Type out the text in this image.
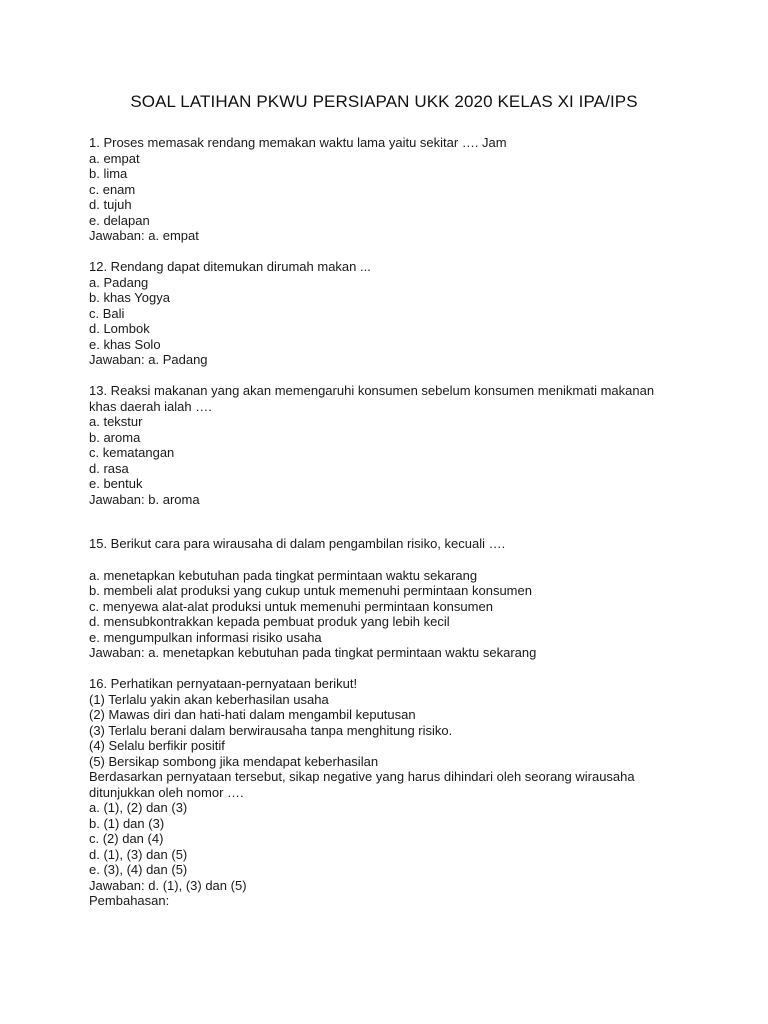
SOAL LATIHAN PKWU PERSIAPAN UKK 2020 KELAS XI IPA/IPS
1. Proses memasak rendang memakan waktu lama yaitu sekitar …. Jam
a. empat
b. lima
c. enam
d. tujuh
e. delapan
Jawaban: a. empat
12. Rendang dapat ditemukan dirumah makan ...
a. Padang
b. khas Yogya
c. Bali
d. Lombok
e. khas Solo
Jawaban: a. Padang
13. Reaksi makanan yang akan memengaruhi konsumen sebelum konsumen menikmati makanan
khas daerah ialah ….
a. tekstur
b. aroma
c. kematangan
d. rasa
e. bentuk
Jawaban: b. aroma
15. Berikut cara para wirausaha di dalam pengambilan risiko, kecuali ….
a. menetapkan kebutuhan pada tingkat permintaan waktu sekarang
b. membeli alat produksi yang cukup untuk memenuhi permintaan konsumen
c. menyewa alat-alat produksi untuk memenuhi permintaan konsumen
d. mensubkontrakkan kepada pembuat produk yang lebih kecil
e. mengumpulkan informasi risiko usaha
Jawaban: a. menetapkan kebutuhan pada tingkat permintaan waktu sekarang
16. Perhatikan pernyataan-pernyataan berikut!
(1) Terlalu yakin akan keberhasilan usaha
(2) Mawas diri dan hati-hati dalam mengambil keputusan
(3) Terlalu berani dalam berwirausaha tanpa menghitung risiko.
(4) Selalu berfikir positif
(5) Bersikap sombong jika mendapat keberhasilan
Berdasarkan pernyataan tersebut, sikap negative yang harus dihindari oleh seorang wirausaha
ditunjukkan oleh nomor ….
a. (1), (2) dan (3)
b. (1) dan (3)
c. (2) dan (4)
d. (1), (3) dan (5)
e. (3), (4) dan (5)
Jawaban: d. (1), (3) dan (5)
Pembahasan:
